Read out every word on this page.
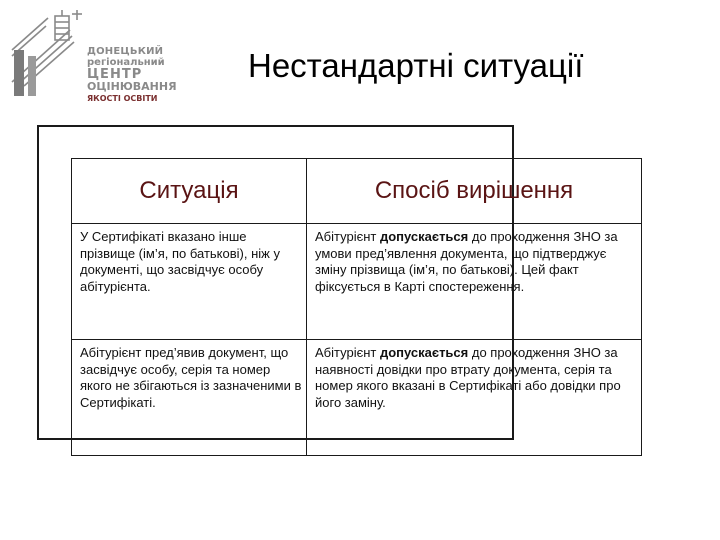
ДОНЕЦЬКИЙ
регіональний
ЦЕНТР
ОЦІНЮВАННЯ
ЯКОСТІ ОСВІТИ
Нестандартні ситуації
Ситуація	Спосіб вирішення
У Сертифікаті вказано інше прізвище (ім’я, по батькові), ніж у документі, що засвідчує особу абітурієнта.	Абітурієнт допускається до проходження ЗНО за умови пред’явлення документа, що підтверджує зміну прізвища (ім’я, по батькові). Цей факт фіксується в Карті спостереження.
Абітурієнт пред’явив документ, що засвідчує особу, серія та номер якого не збігаються із зазначеними в Сертифікаті.	Абітурієнт допускається до проходження ЗНО за наявності довідки про втрату документа, серія та номер якого вказані в Сертифікаті або довідки про його заміну.
